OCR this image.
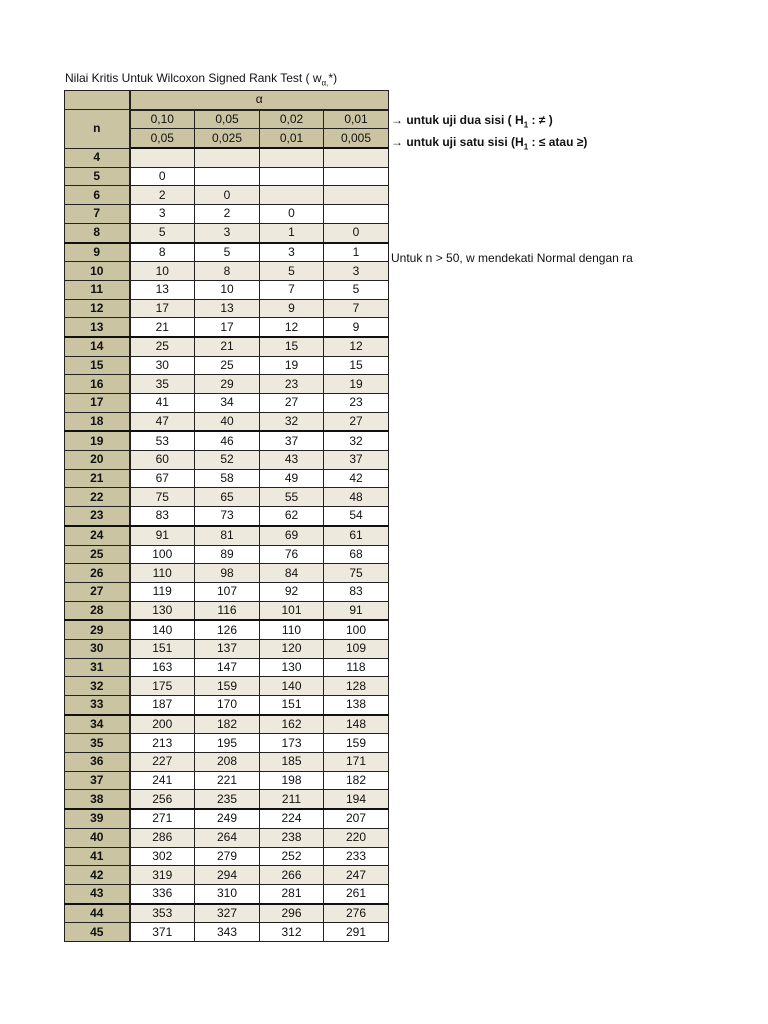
Nilai Kritis Untuk Wilcoxon Signed Rank Test ( $w_{\alpha,}*$)
	α			
n	0,10	0,05	0,02	0,01
	0,05	0,025	0,01	0,005
4				
5	0			
6	2	0		
7	3	2	0	
8	5	3	1	0
9	8	5	3	1
10	10	8	5	3
11	13	10	7	5
12	17	13	9	7
13	21	17	12	9
14	25	21	15	12
15	30	25	19	15
16	35	29	23	19
17	41	34	27	23
18	47	40	32	27
19	53	46	37	32
20	60	52	43	37
21	67	58	49	42
22	75	65	55	48
23	83	73	62	54
24	91	81	69	61
25	100	89	76	68
26	110	98	84	75
27	119	107	92	83
28	130	116	101	91
29	140	126	110	100
30	151	137	120	109
31	163	147	130	118
32	175	159	140	128
33	187	170	151	138
34	200	182	162	148
35	213	195	173	159
36	227	208	185	171
37	241	221	198	182
38	256	235	211	194
39	271	249	224	207
40	286	264	238	220
41	302	279	252	233
42	319	294	266	247
43	336	310	281	261
44	353	327	296	276
45	371	343	312	291
→ untuk uji dua sisi ( $H_1$ : ≠ )
→ untuk uji satu sisi ($H_1$ : ≤ atau ≥)
Untuk n > 50, w mendekati Normal dengan ra
